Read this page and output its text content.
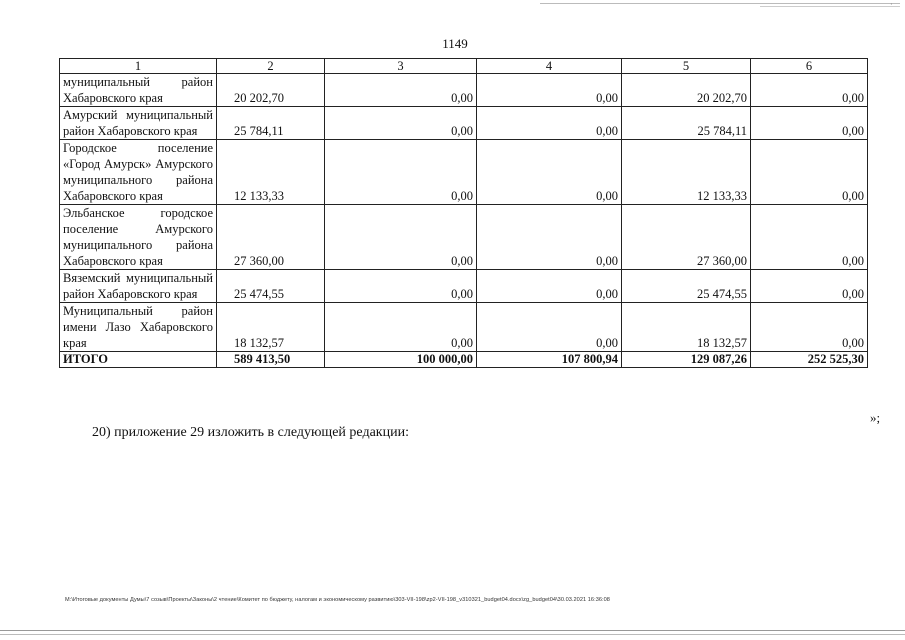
·
1149
1	2	3	4	5	6
муниципальный район Хабаровского края	20 202,70	0,00	0,00	20 202,70	0,00
Амурский муниципальный район Хабаровского края	25 784,11	0,00	0,00	25 784,11	0,00
Городское поселение «Город Амурск» Амурского муниципального района Хабаровского края	12 133,33	0,00	0,00	12 133,33	0,00
Эльбанское городское поселение Амурского муниципального района Хабаровского края	27 360,00	0,00	0,00	27 360,00	0,00
Вяземский муниципальный район Хабаровского края	25 474,55	0,00	0,00	25 474,55	0,00
Муниципальный район имени Лазо Хабаровского края	18 132,57	0,00	0,00	18 132,57	0,00
ИТОГО	589 413,50	100 000,00	107 800,94	129 087,26	252 525,30
»;
20) приложение 29 изложить в следующей редакции:
M:\Итоговые документы Думы\7 созыв\Проекты\Законы\2 чтение\Комитет по бюджету, налогам и экономическому развитию\303-VII-198\zp2-VII-198_v310321_budget04.docx\zg_budget04\30.03.2021 16:36:08
